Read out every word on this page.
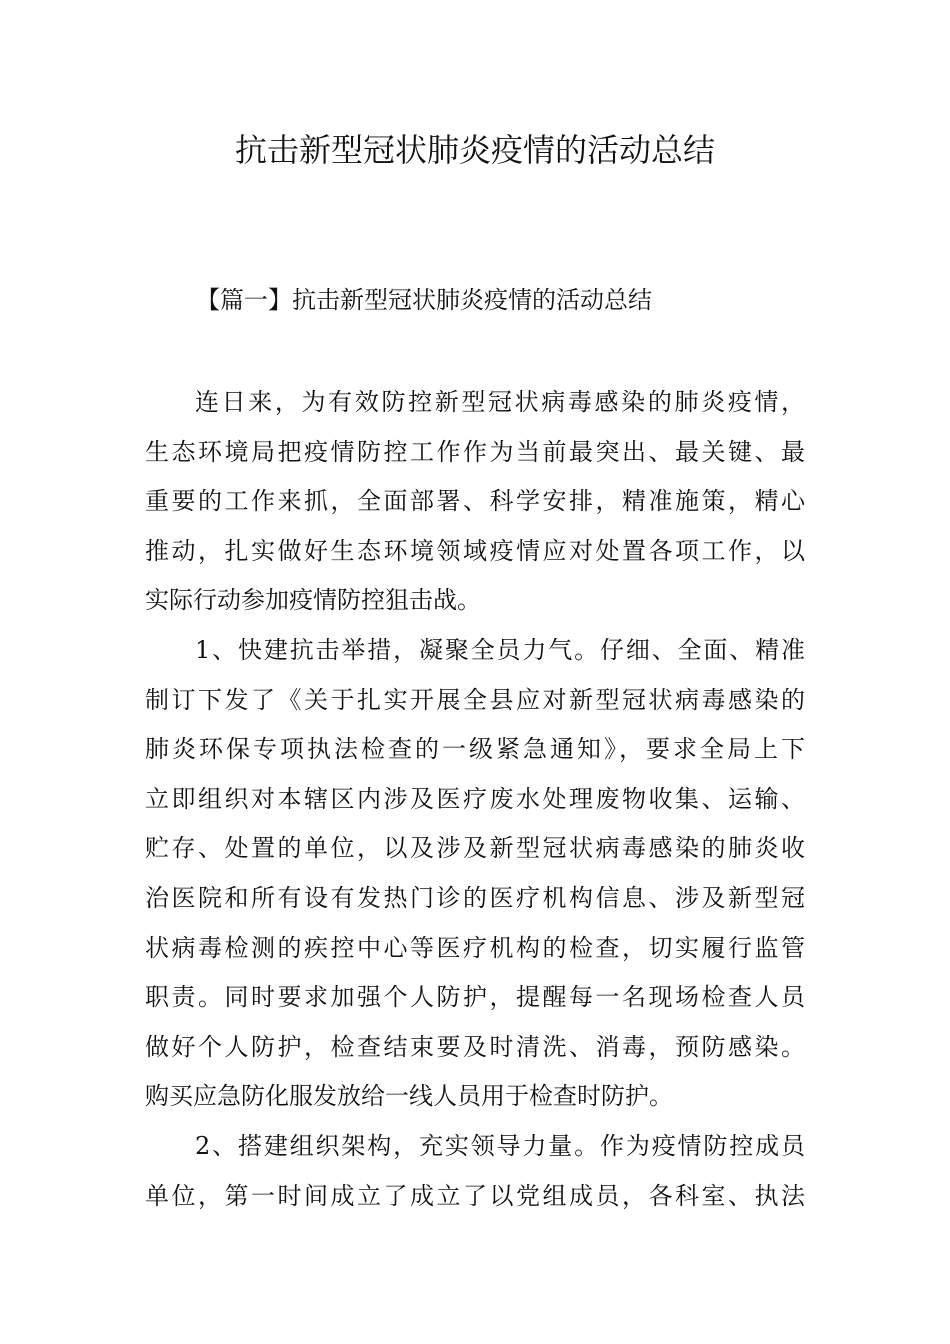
抗击新型冠状肺炎疫情的活动总结
【篇一】抗击新型冠状肺炎疫情的活动总结
连日来，为有效防控新型冠状病毒感染的肺炎疫情，
生态环境局把疫情防控工作作为当前最突出、最关键、最
重要的工作来抓，全面部署、科学安排，精准施策，精心
推动，扎实做好生态环境领域疫情应对处置各项工作，以
实际行动参加疫情防控狙击战。
1、快建抗击举措，凝聚全员力气。仔细、全面、精准
制订下发了《关于扎实开展全县应对新型冠状病毒感染的
肺炎环保专项执法检查的一级紧急通知》，要求全局上下
立即组织对本辖区内涉及医疗废水处理废物收集、运输、
贮存、处置的单位，以及涉及新型冠状病毒感染的肺炎收
治医院和所有设有发热门诊的医疗机构信息、涉及新型冠
状病毒检测的疾控中心等医疗机构的检查，切实履行监管
职责。同时要求加强个人防护，提醒每一名现场检查人员
做好个人防护，检查结束要及时清洗、消毒，预防感染。
购买应急防化服发放给一线人员用于检查时防护。
2、搭建组织架构，充实领导力量。作为疫情防控成员
单位，第一时间成立了成立了以党组成员，各科室、执法
